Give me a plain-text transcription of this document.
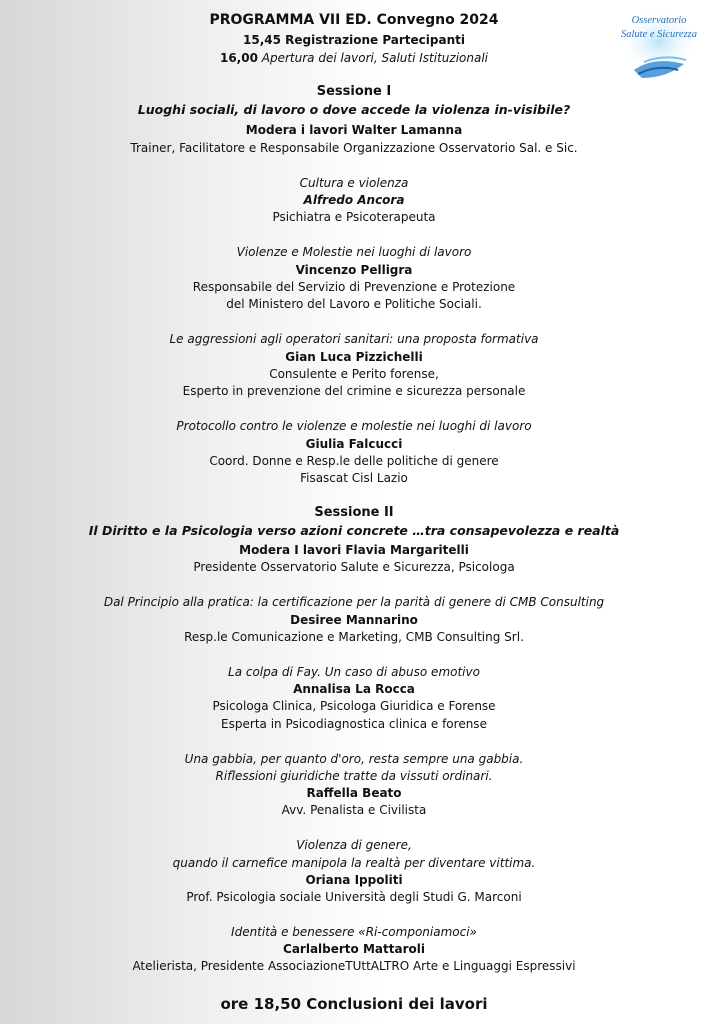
Osservatorio
Salute e Sicurezza
PROGRAMMA VII ED. Convegno 2024
15,45 Registrazione Partecipanti
16,00 Apertura dei lavori, Saluti Istituzionali
Sessione I
Luoghi sociali, di lavoro o dove accede la violenza in-visibile?
Modera i lavori Walter Lamanna
Trainer, Facilitatore e Responsabile Organizzazione Osservatorio Sal. e Sic.
Cultura e violenza
Alfredo Ancora
Psichiatra e Psicoterapeuta
Violenze e Molestie nei luoghi di lavoro
Vincenzo Pelligra
Responsabile del Servizio di Prevenzione e Protezione
del Ministero del Lavoro e Politiche Sociali.
Le aggressioni agli operatori sanitari: una proposta formativa
Gian Luca Pizzichelli
Consulente e Perito forense,
Esperto in prevenzione del crimine e sicurezza personale
Protocollo contro le violenze e molestie nei luoghi di lavoro
Giulia Falcucci
Coord. Donne e Resp.le delle politiche di genere
Fisascat Cisl Lazio
Sessione II
Il Diritto e la Psicologia verso azioni concrete …tra consapevolezza e realtà
Modera I lavori Flavia Margaritelli
Presidente Osservatorio Salute e Sicurezza, Psicologa
Dal Principio alla pratica: la certificazione per la parità di genere di CMB Consulting
Desiree Mannarino
Resp.le Comunicazione e Marketing, CMB Consulting Srl.
La colpa di Fay. Un caso di abuso emotivo
Annalisa La Rocca
Psicologa Clinica, Psicologa Giuridica e Forense
Esperta in Psicodiagnostica clinica e forense
Una gabbia, per quanto d'oro, resta sempre una gabbia.
Riflessioni giuridiche tratte da vissuti ordinari.
Raffella Beato
Avv. Penalista e Civilista
Violenza di genere,
quando il carnefice manipola la realtà per diventare vittima.
Oriana Ippoliti
Prof. Psicologia sociale Università degli Studi G. Marconi
Identità e benessere «Ri-componiamoci»
Carlalberto Mattaroli
Atelierista, Presidente AssociazioneTUttALTRO Arte e Linguaggi Espressivi
ore 18,50 Conclusioni dei lavori
